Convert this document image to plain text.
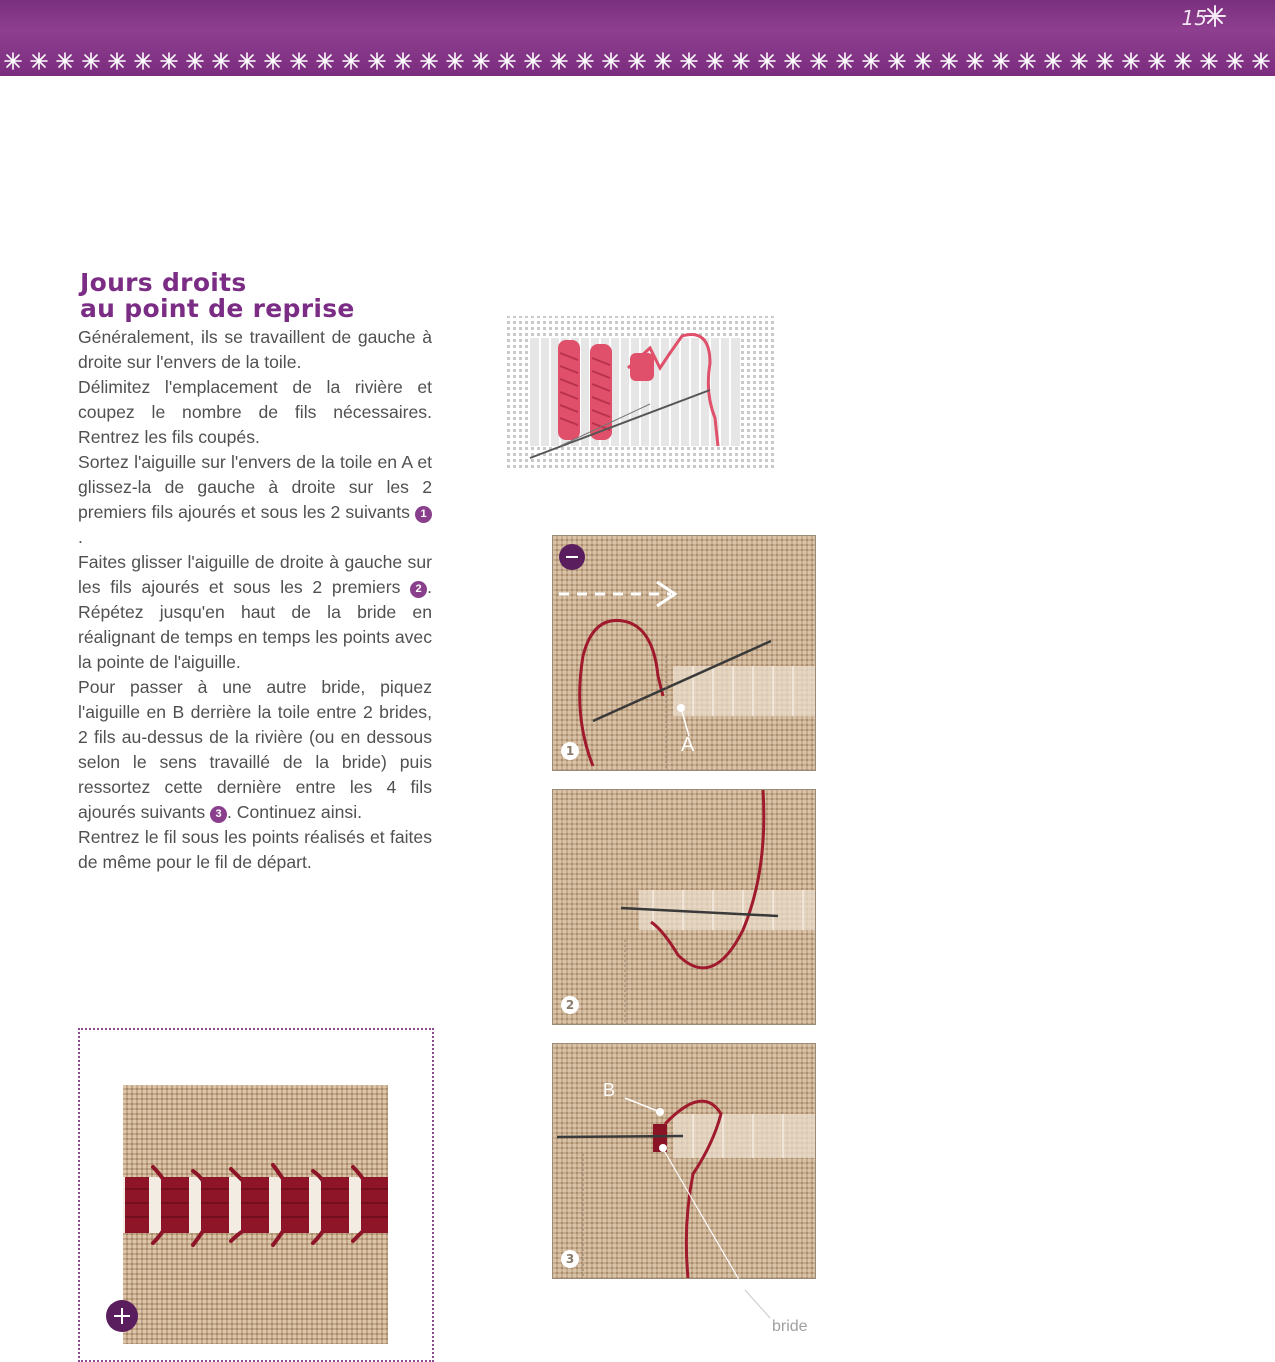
15
Jours droits
au point de reprise

Généralement, ils se travaillent de gauche à droite sur l'envers de la toile.

Délimitez l'emplacement de la rivière et coupez le nombre de fils nécessaires. Rentrez les fils coupés.

Sortez l'aiguille sur l'envers de la toile en A et glissez-la de gauche à droite sur les 2 premiers fils ajourés et sous les 2 suivants 1.

Faites glisser l'aiguille de droite à gauche sur les fils ajourés et sous les 2 premiers 2 . Répétez jusqu'en haut de la bride en réalignant de temps en temps les points avec la pointe de l'aiguille.

Pour passer à une autre bride, piquez l'aiguille en B derrière la toile entre 2 brides, 2 fils au-dessus de la rivière (ou en dessous selon le sens travaillé de la bride) puis ressortez cette dernière entre les 4 fils ajourés suivants 3 . Continuez ainsi.

Rentrez le fil sous les points réalisés et faites de même pour le fil de départ.

A
1
2
B
3
bride
